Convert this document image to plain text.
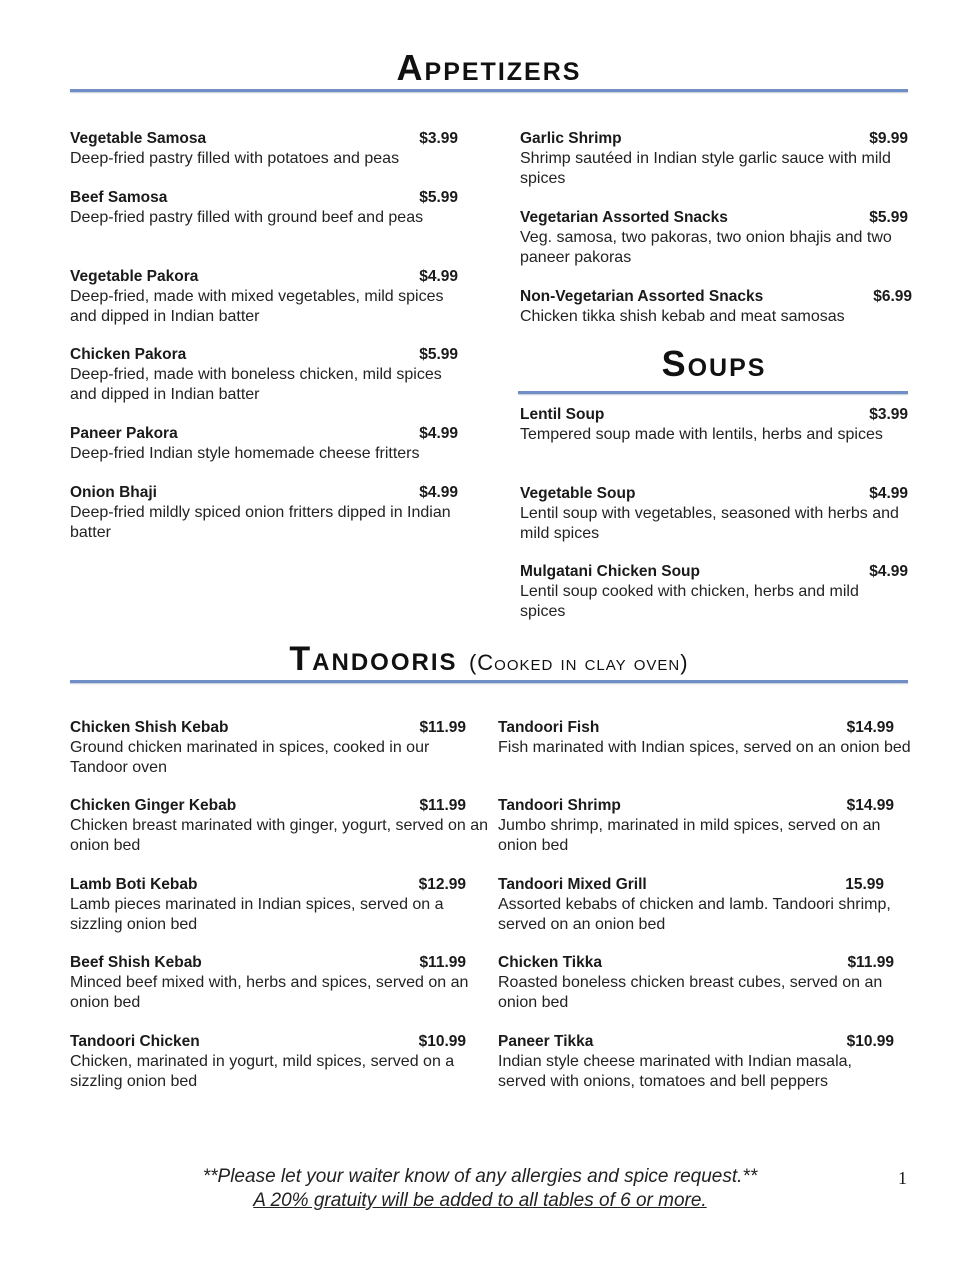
Appetizers
Vegetable Samosa	$3.99
Deep-fried pastry filled with potatoes and peas
Beef Samosa	$5.99
Deep-fried pastry filled with ground beef and peas
Vegetable Pakora	$4.99
Deep-fried, made with mixed vegetables, mild spices and dipped in Indian batter
Chicken Pakora	$5.99
Deep-fried, made with boneless chicken, mild spices and dipped in Indian batter
Paneer Pakora	$4.99
Deep-fried Indian style homemade cheese fritters
Onion Bhaji	$4.99
Deep-fried mildly spiced onion fritters dipped in Indian batter
Garlic Shrimp	$9.99
Shrimp sautéed in Indian style garlic sauce with mild spices
Vegetarian Assorted Snacks	$5.99
Veg. samosa, two pakoras, two onion bhajis and two paneer pakoras
Non-Vegetarian Assorted Snacks	$6.99
Chicken tikka shish kebab and meat samosas
Soups
Lentil Soup	$3.99
Tempered soup made with lentils, herbs and spices
Vegetable Soup	$4.99
Lentil soup with vegetables, seasoned with herbs and mild spices
Mulgatani Chicken Soup	$4.99
Lentil soup cooked with chicken, herbs and mild spices
Tandooris (Cooked in clay oven)
Chicken Shish Kebab	$11.99
Ground chicken marinated in spices, cooked in our Tandoor oven
Chicken Ginger Kebab	$11.99
Chicken breast marinated with ginger, yogurt, served on an onion bed
Lamb Boti Kebab	$12.99
Lamb pieces marinated in Indian spices, served on a sizzling onion bed
Beef Shish Kebab	$11.99
Minced beef mixed with, herbs and spices, served on an onion bed
Tandoori Chicken	$10.99
Chicken, marinated in yogurt, mild spices, served on a sizzling onion bed
Tandoori Fish	$14.99
Fish marinated with Indian spices, served on an onion bed
Tandoori Shrimp	$14.99
Jumbo shrimp, marinated in mild spices, served on an onion bed
Tandoori Mixed Grill	15.99
Assorted kebabs of chicken and lamb. Tandoori shrimp, served on an onion bed
Chicken Tikka	$11.99
Roasted boneless chicken breast cubes, served on an onion bed
Paneer Tikka	$10.99
Indian style cheese marinated with Indian masala, served with onions, tomatoes and bell peppers

**Please let your waiter know of any allergies and spice request.**

A 20% gratuity will be added to all tables of 6 or more.

1
